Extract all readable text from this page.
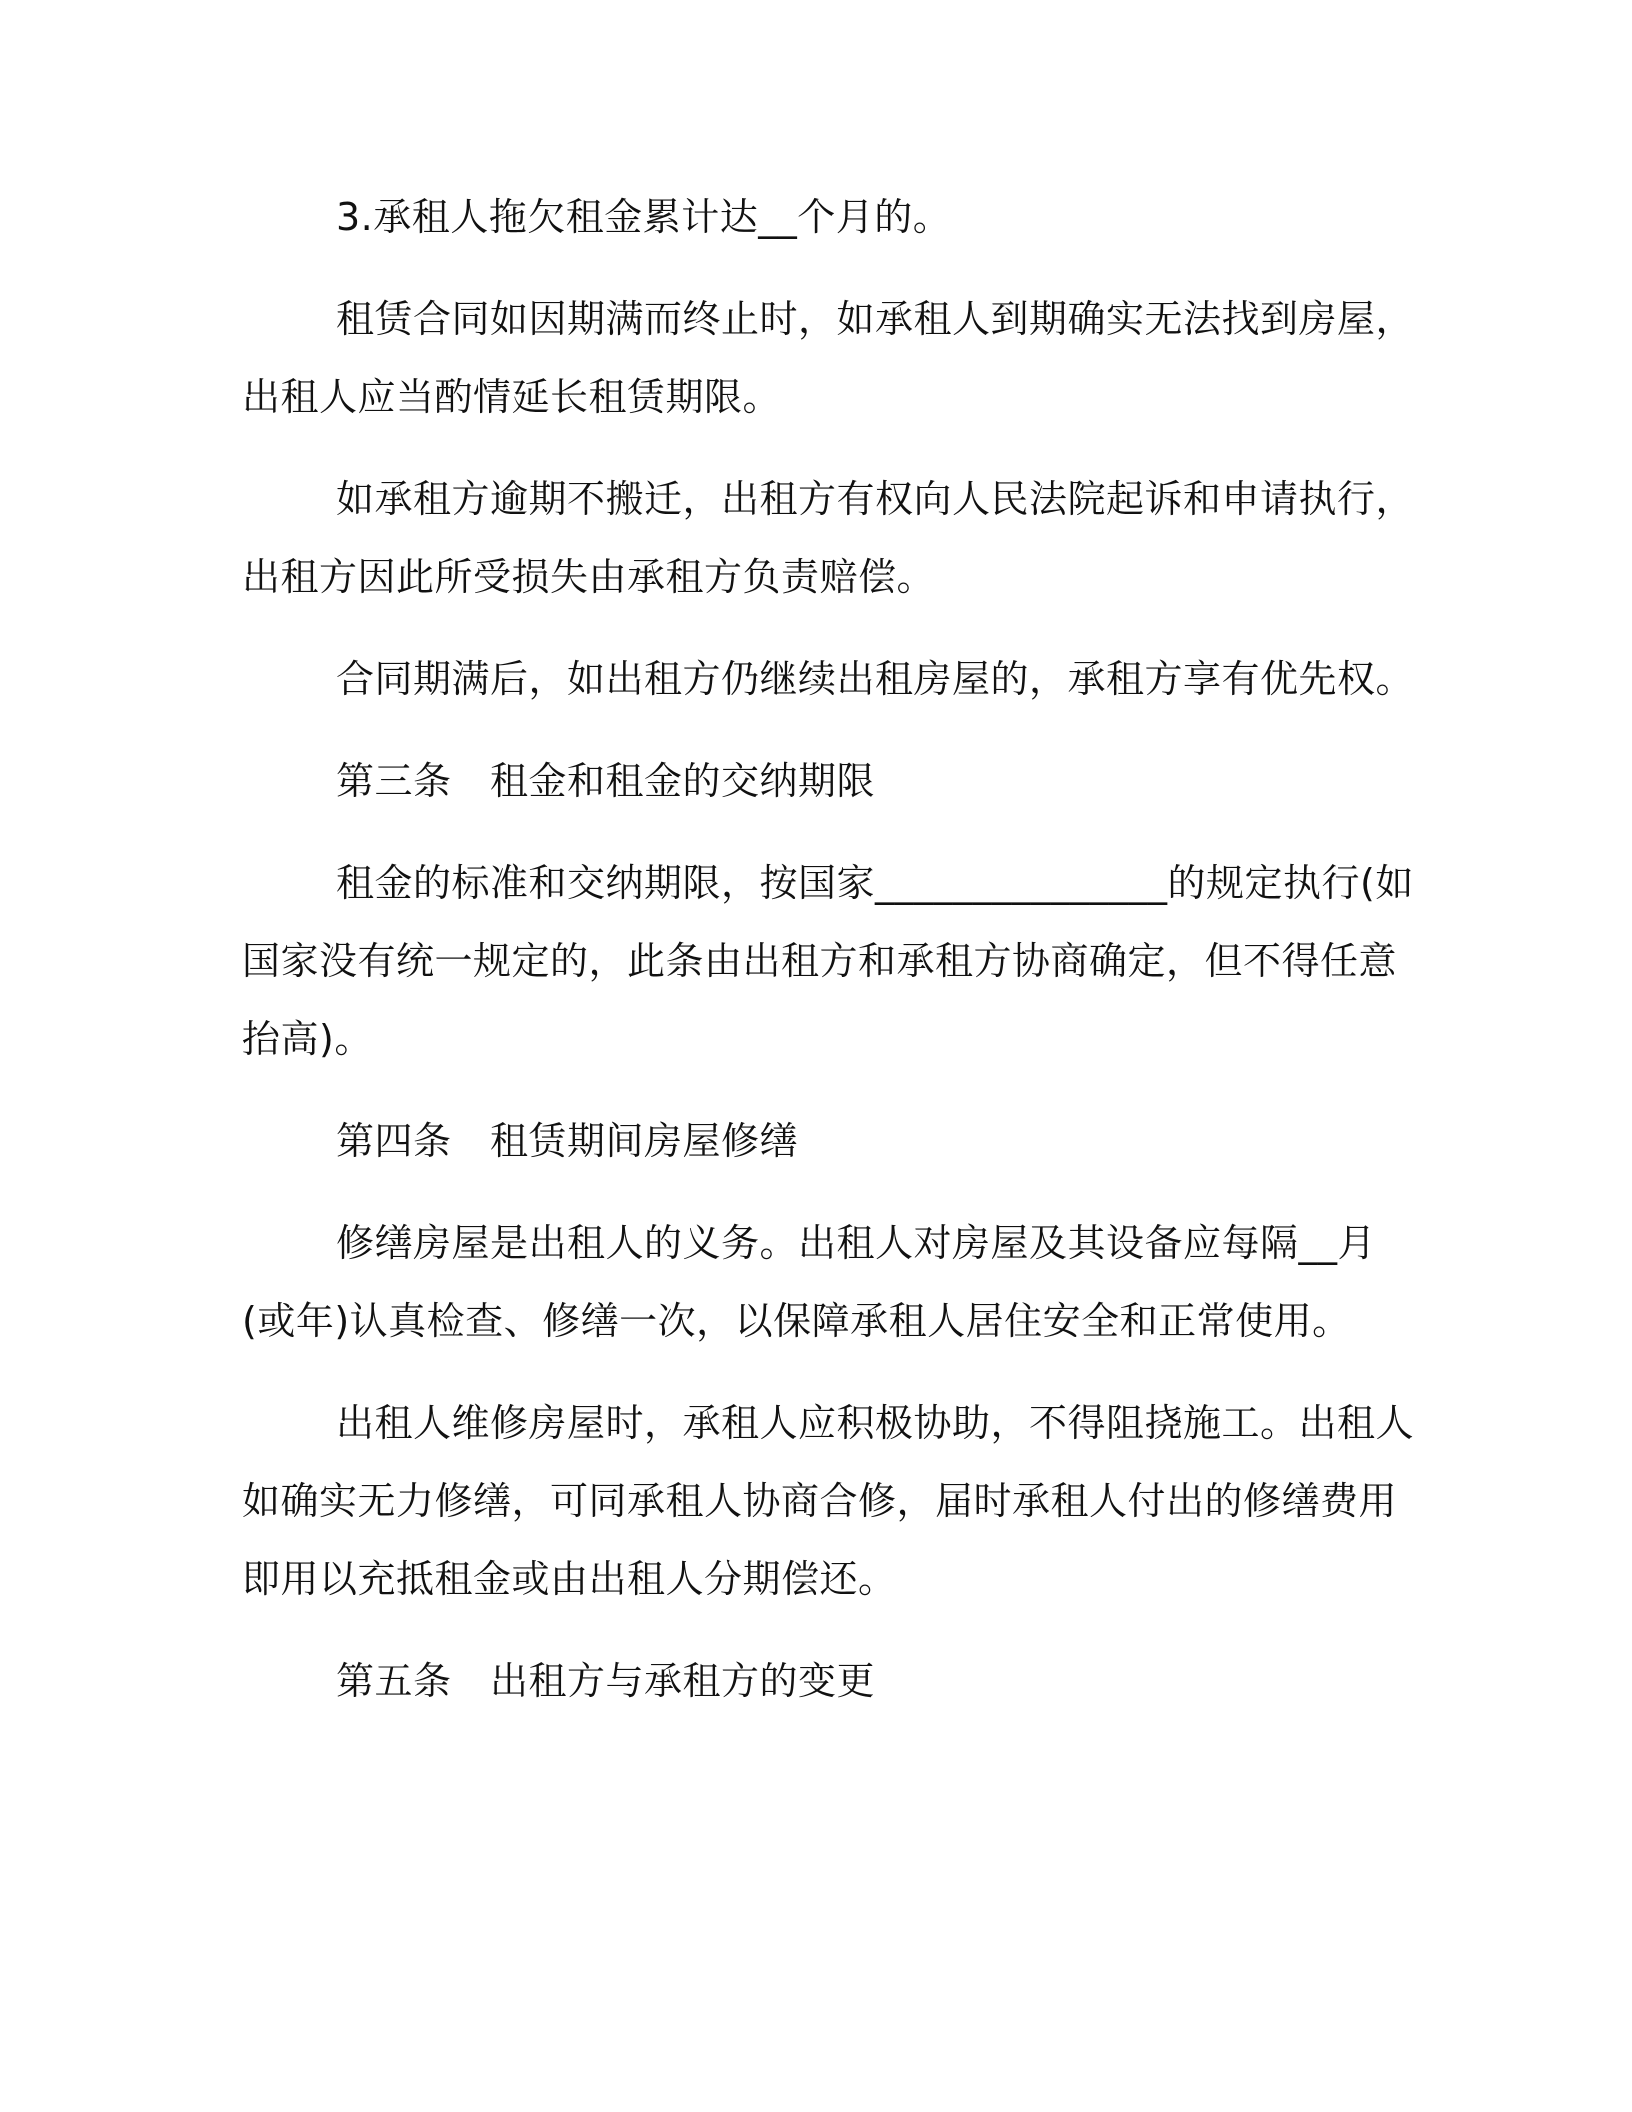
3.承租人拖欠租金累计达__个月的。

租赁合同如因期满而终止时，如承租人到期确实无法找到房屋，
出租人应当酌情延长租赁期限。

如承租方逾期不搬迁，出租方有权向人民法院起诉和申请执行，
出租方因此所受损失由承租方负责赔偿。

合同期满后，如出租方仍继续出租房屋的，承租方享有优先权。

第三条　租金和租金的交纳期限

租金的标准和交纳期限，按国家_______________的规定执行(如
国家没有统一规定的，此条由出租方和承租方协商确定，但不得任意
抬高)。

第四条　租赁期间房屋修缮

修缮房屋是出租人的义务。出租人对房屋及其设备应每隔__月
(或年)认真检查、修缮一次，以保障承租人居住安全和正常使用。

出租人维修房屋时，承租人应积极协助，不得阻挠施工。出租人
如确实无力修缮，可同承租人协商合修，届时承租人付出的修缮费用
即用以充抵租金或由出租人分期偿还。

第五条　出租方与承租方的变更
